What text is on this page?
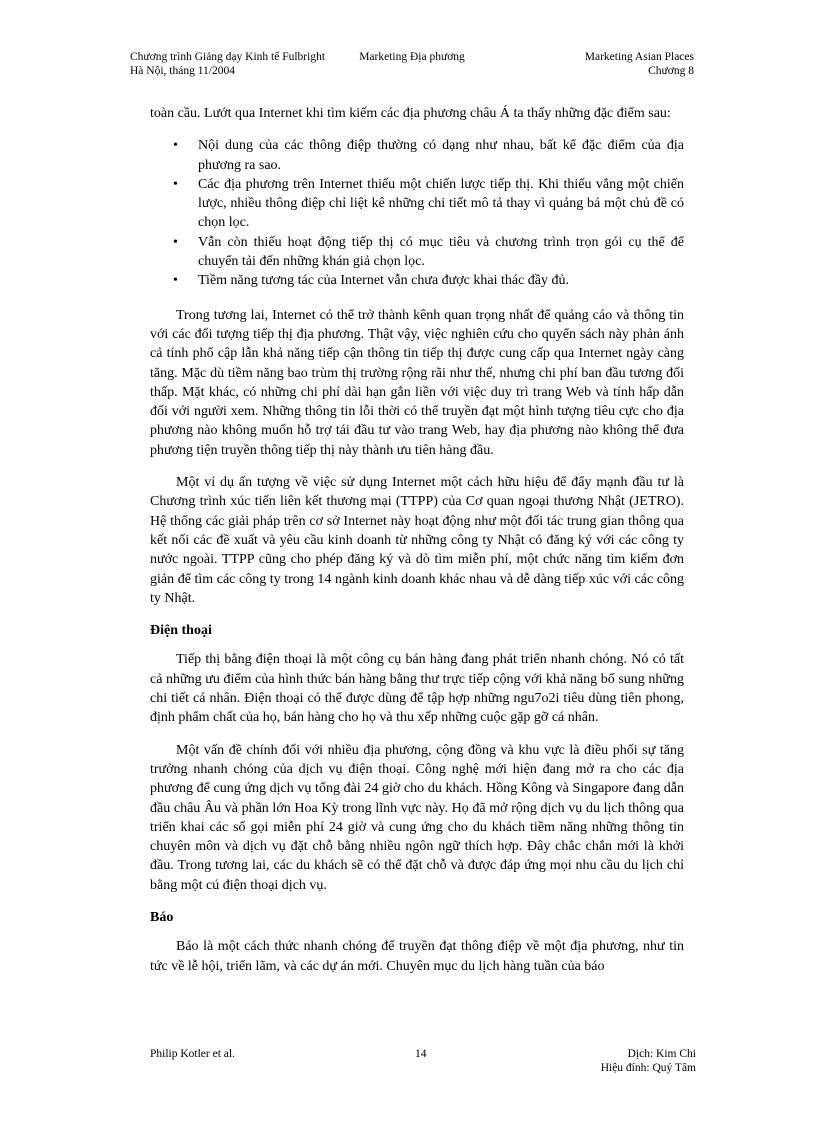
Chương trình Giảng dạy Kinh tế Fulbright	Marketing Địa phương	Marketing Asian Places
Hà Nội, tháng 11/2004	Chương 8

toàn cầu. Lướt qua Internet khi tìm kiếm các địa phương châu Á ta thấy những đặc điểm sau:

• Nội dung của các thông điệp thường có dạng như nhau, bất kể đặc điểm của địa phương ra sao.
• Các địa phương trên Internet thiếu một chiến lược tiếp thị. Khi thiếu vắng một chiến lược, nhiều thông điệp chỉ liệt kê những chi tiết mô tả thay vì quảng bá một chủ đề có chọn lọc.
• Vẫn còn thiếu hoạt động tiếp thị có mục tiêu và chương trình trọn gói cụ thể để chuyển tải đến những khán giả chọn lọc.
• Tiềm năng tương tác của Internet vẫn chưa được khai thác đầy đủ.

Trong tương lai, Internet có thể trở thành kênh quan trọng nhất để quảng cáo và thông tin với các đối tượng tiếp thị địa phương. Thật vậy, việc nghiên cứu cho quyển sách này phản ánh cả tính phổ cập lẫn khả năng tiếp cận thông tin tiếp thị được cung cấp qua Internet ngày càng tăng. Mặc dù tiềm năng bao trùm thị trường rộng rãi như thế, nhưng chi phí ban đầu tương đối thấp. Mặt khác, có những chi phí dài hạn gắn liền với việc duy trì trang Web và tính hấp dẫn đối với người xem. Những thông tin lỗi thời có thể truyền đạt một hình tượng tiêu cực cho địa phương nào không muốn hỗ trợ tái đầu tư vào trang Web, hay địa phương nào không thể đưa phương tiện truyền thông tiếp thị này thành ưu tiên hàng đầu.

Một ví dụ ấn tượng về việc sử dụng Internet một cách hữu hiệu để đẩy mạnh đầu tư là Chương trình xúc tiến liên kết thương mại (TTPP) của Cơ quan ngoại thương Nhật (JETRO). Hệ thống các giải pháp trên cơ sở Internet này hoạt động như một đối tác trung gian thông qua kết nối các đề xuất và yêu cầu kinh doanh từ những công ty Nhật có đăng ký với các công ty nước ngoài. TTPP cũng cho phép đăng ký và dò tìm miễn phí, một chức năng tìm kiếm đơn giản để tìm các công ty trong 14 ngành kinh doanh khác nhau và dễ dàng tiếp xúc với các công ty Nhật.

Điện thoại

Tiếp thị bằng điện thoại là một công cụ bán hàng đang phát triển nhanh chóng. Nó có tất cả những ưu điểm của hình thức bán hàng bằng thư trực tiếp cộng với khả năng bổ sung những chi tiết cá nhân. Điện thoại có thể được dùng để tập hợp những ngu7o2i tiêu dùng tiên phong, định phẩm chất của họ, bán hàng cho họ và thu xếp những cuộc gặp gỡ cá nhân.

Một vấn đề chính đối với nhiều địa phương, cộng đồng và khu vực là điều phối sự tăng trưởng nhanh chóng của dịch vụ điện thoại. Công nghệ mới hiện đang mở ra cho các địa phương để cung ứng dịch vụ tổng đài 24 giờ cho du khách. Hồng Kông và Singapore đang dẫn đầu châu Âu và phần lớn Hoa Kỳ trong lĩnh vực này. Họ đã mở rộng dịch vụ du lịch thông qua triển khai các số gọi miễn phí 24 giờ và cung ứng cho du khách tiềm năng những thông tin chuyên môn và dịch vụ đặt chỗ bằng nhiều ngôn ngữ thích hợp. Đây chắc chắn mới là khởi đầu. Trong tương lai, các du khách sẽ có thể đặt chỗ và được đáp ứng mọi nhu cầu du lịch chỉ bằng một cú điện thoại dịch vụ.

Báo

Báo là một cách thức nhanh chóng để truyền đạt thông điệp về một địa phương, như tin tức về lễ hội, triển lãm, và các dự án mới. Chuyên mục du lịch hàng tuần của báo

Philip Kotler et al.	14	Dịch: Kim Chi
Hiệu đính: Quý Tâm
